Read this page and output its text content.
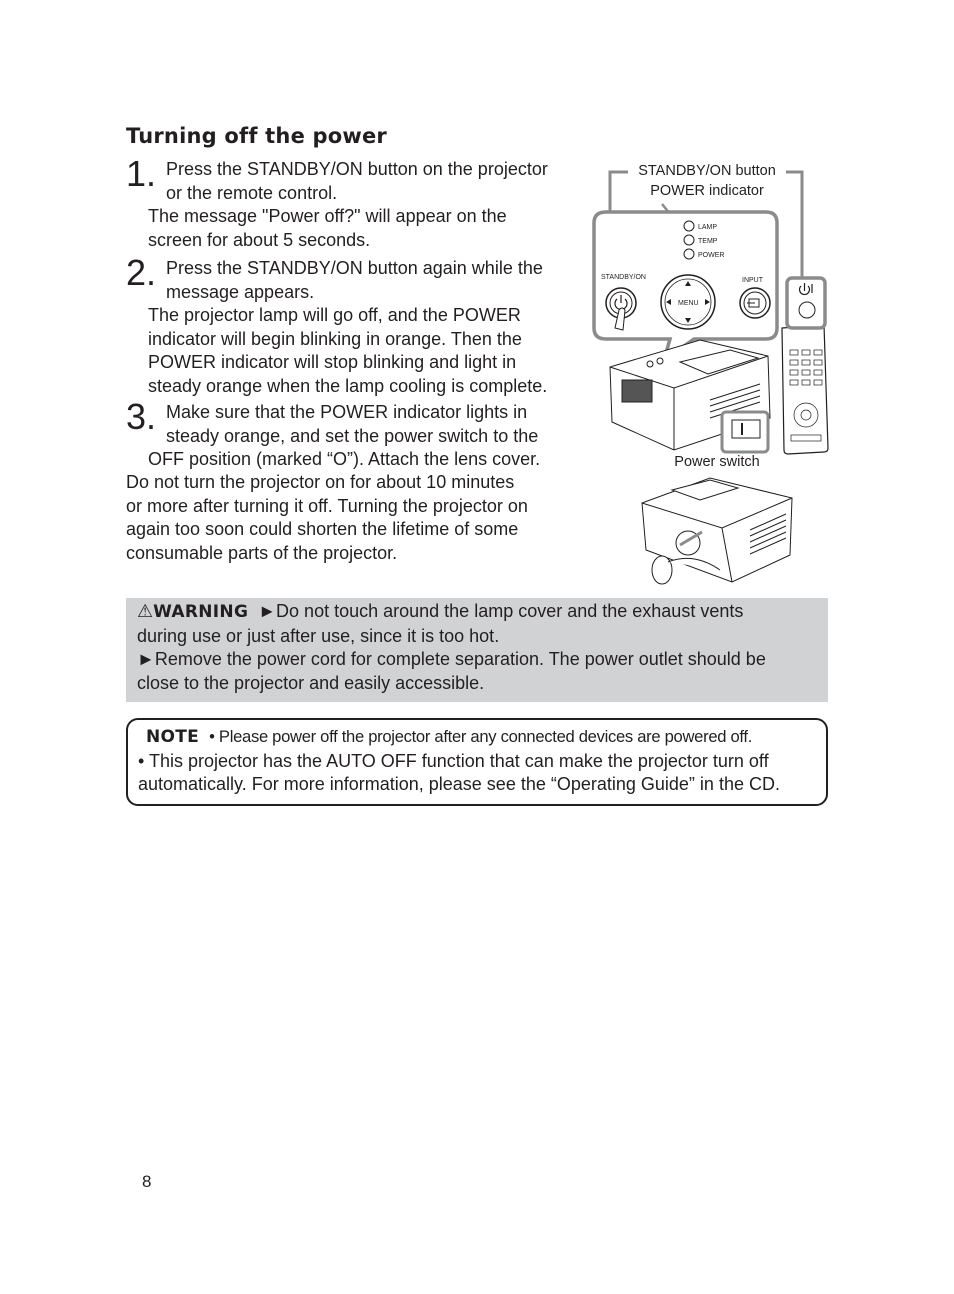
Turning off the power
1. Press the STANDBY/ON button on the projector
or the remote control.
The message "Power off?" will appear on the
screen for about 5 seconds.
2. Press the STANDBY/ON button again while the
message appears.
The projector lamp will go off, and the POWER
indicator will begin blinking in orange. Then the
POWER indicator will stop blinking and light in
steady orange when the lamp cooling is complete.
3. Make sure that the POWER indicator lights in
steady orange, and set the power switch to the
OFF position (marked “O”). Attach the lens cover.
Do not turn the projector on for about 10 minutes
or more after turning it off. Turning the projector on
again too soon could shorten the lifetime of some
consumable parts of the projector.
STANDBY/ON button
POWER indicator
Power switch
LAMP
TEMP
POWER
STANDBY/ON	INPUT
MENU
⚠WARNING ►Do not touch around the lamp cover and the exhaust vents
during use or just after use, since it is too hot.
►Remove the power cord for complete separation. The power outlet should be
close to the projector and easily accessible.
NOTE • Please power off the projector after any connected devices are powered off.
• This projector has the AUTO OFF function that can make the projector turn off
automatically. For more information, please see the “Operating Guide” in the CD.
8
